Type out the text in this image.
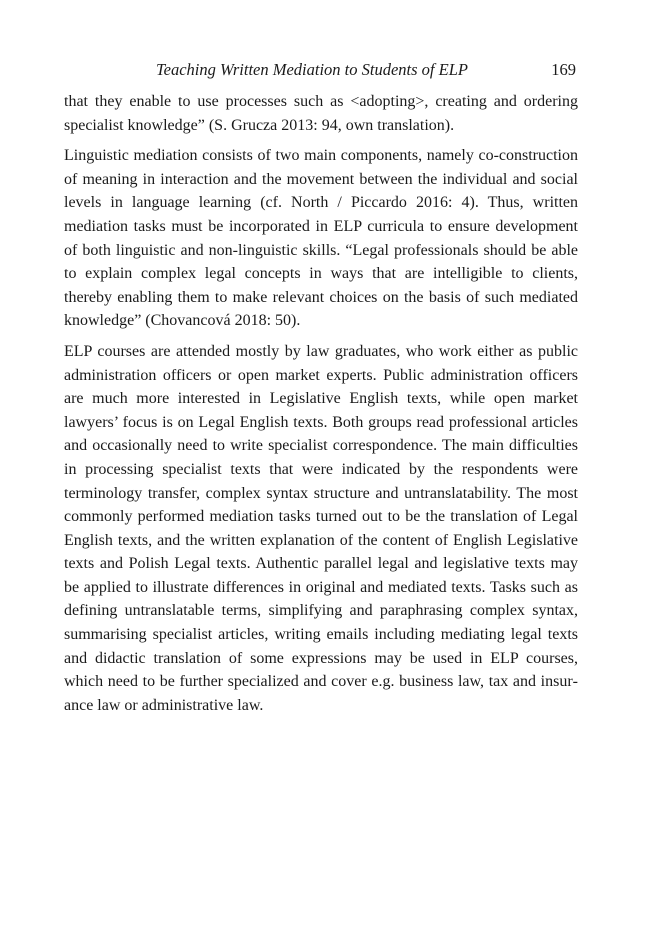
Teaching Written Mediation to Students of ELP	169

that they enable to use processes such as <adopting>, creating and ordering specialist knowledge” (S. Grucza 2013: 94, own translation).

Linguistic mediation consists of two main components, namely co-construction of meaning in interaction and the movement between the individual and social levels in language learning (cf. North / Piccardo 2016: 4). Thus, written mediation tasks must be incorporated in ELP curricula to ensure development of both linguistic and non-linguistic skills. “Legal professionals should be able to explain complex legal concepts in ways that are intelligible to clients, thereby enabling them to make relevant choices on the basis of such mediated knowledge” (Chovancová 2018: 50).

ELP courses are attended mostly by law graduates, who work either as public administration officers or open market experts. Public administration officers are much more interested in Legislative English texts, while open market lawyers’ focus is on Legal English texts. Both groups read professional articles and occasionally need to write specialist correspondence. The main difficulties in processing specialist texts that were indicated by the respondents were terminology transfer, complex syntax structure and untranslatability. The most commonly performed mediation tasks turned out to be the translation of Legal English texts, and the written explanation of the content of English Legislative texts and Polish Legal texts. Authentic parallel legal and legislative texts may be applied to illustrate differences in original and mediated texts. Tasks such as defining untranslatable terms, simplifying and paraphrasing complex syntax, summarising specialist articles, writing emails including mediating legal texts and didactic translation of some expressions may be used in ELP courses, which need to be further specialized and cover e.g. business law, tax and insurance law or administrative law.
